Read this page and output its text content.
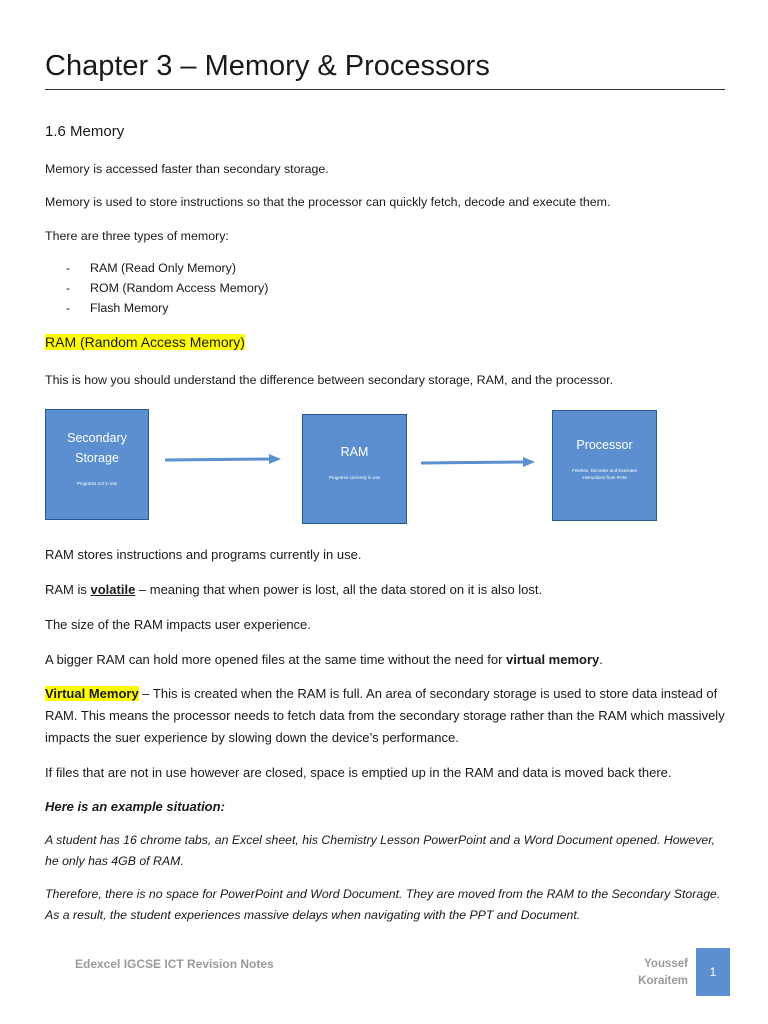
Chapter 3 – Memory & Processors
1.6 Memory
Memory is accessed faster than secondary storage.
Memory is used to store instructions so that the processor can quickly fetch, decode and execute them.
There are three types of memory:
- RAM (Read Only Memory)
- ROM (Random Access Memory)
- Flash Memory
RAM (Random Access Memory)
This is how you should understand the difference between secondary storage, RAM, and the processor.
Secondary
Storage
Programs not in use
RAM
Programs currently in use
Processor
Fetches, Decodes and Executes
instructions from RAM
RAM stores instructions and programs currently in use.
RAM is volatile – meaning that when power is lost, all the data stored on it is also lost.
The size of the RAM impacts user experience.
A bigger RAM can hold more opened files at the same time without the need for virtual memory.
Virtual Memory – This is created when the RAM is full. An area of secondary storage is used to store data instead of RAM. This means the processor needs to fetch data from the secondary storage rather than the RAM which massively impacts the suer experience by slowing down the device’s performance.
If files that are not in use however are closed, space is emptied up in the RAM and data is moved back there.
Here is an example situation:
A student has 16 chrome tabs, an Excel sheet, his Chemistry Lesson PowerPoint and a Word Document opened. However, he only has 4GB of RAM.
Therefore, there is no space for PowerPoint and Word Document. They are moved from the RAM to the Secondary Storage. As a result, the student experiences massive delays when navigating with the PPT and Document.
Edexcel IGCSE ICT Revision Notes	Youssef
Koraitem
1
